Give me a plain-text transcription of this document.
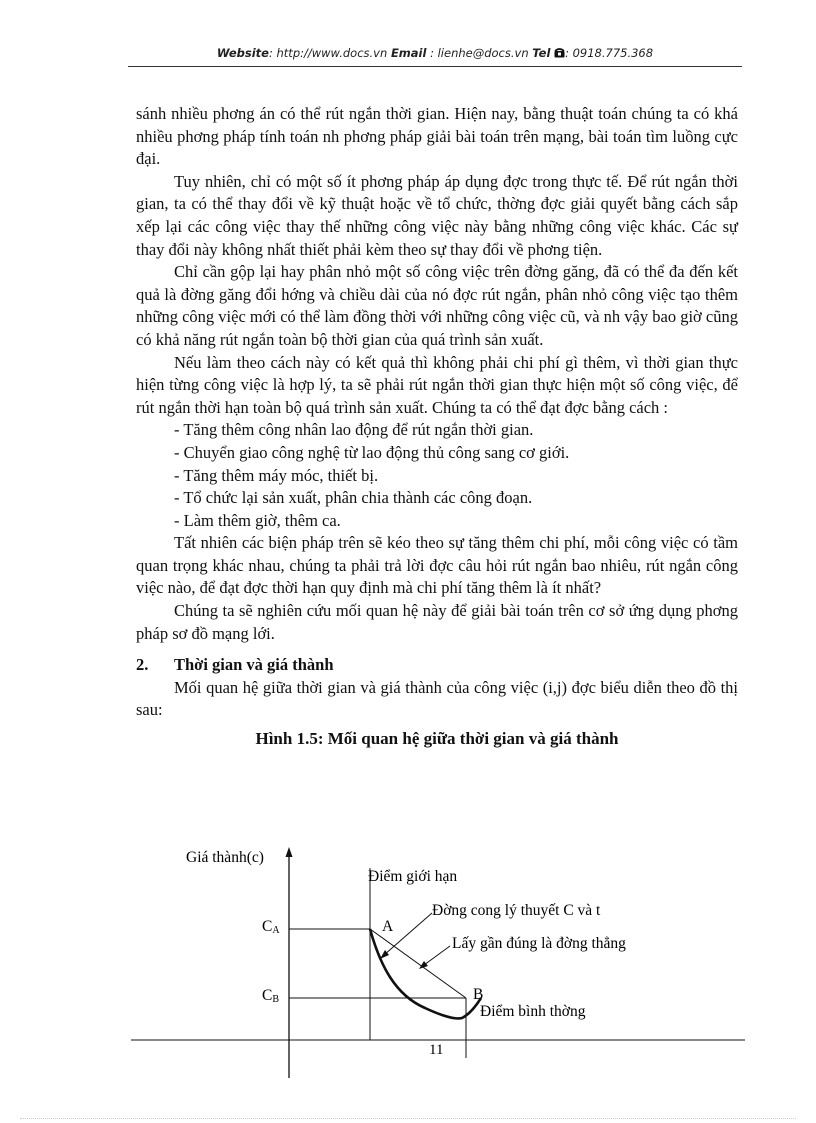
Website: http://www.docs.vn Email : lienhe@docs.vn Tel : 0918.775.368

sánh nhiều phơng án có thể rút ngắn thời gian. Hiện nay, bằng thuật toán chúng ta có khá nhiều phơng pháp tính toán nh phơng pháp giải bài toán trên mạng, bài toán tìm luồng cực đại.

Tuy nhiên, chỉ có một số ít phơng pháp áp dụng đợc trong thực tế. Để rút ngắn thời gian, ta có thể thay đổi về kỹ thuật hoặc về tổ chức, thờng đợc giải quyết bằng cách sắp xếp lại các công việc thay thế những công việc này bằng những công việc khác. Các sự thay đổi này không nhất thiết phải kèm theo sự thay đổi về phơng tiện.

Chỉ cần gộp lại hay phân nhỏ một số công việc trên đờng găng, đã có thể đa đến kết quả là đờng găng đổi hớng và chiều dài của nó đợc rút ngắn, phân nhỏ công việc tạo thêm những công việc mới có thể làm đồng thời với những công việc cũ, và nh vậy bao giờ cũng có khả năng rút ngắn toàn bộ thời gian của quá trình sản xuất.

Nếu làm theo cách này có kết quả thì không phải chi phí gì thêm, vì thời gian thực hiện từng công việc là hợp lý, ta sẽ phải rút ngắn thời gian thực hiện một số công việc, để rút ngắn thời hạn toàn bộ quá trình sản xuất. Chúng ta có thể đạt đợc bằng cách :

- Tăng thêm công nhân lao động để rút ngắn thời gian.

- Chuyển giao công nghệ từ lao động thủ công sang cơ giới.

- Tăng thêm máy móc, thiết bị.

- Tổ chức lại sản xuất, phân chia thành các công đoạn.

- Làm thêm giờ, thêm ca.

Tất nhiên các biện pháp trên sẽ kéo theo sự tăng thêm chi phí, mỗi công việc có tầm quan trọng khác nhau, chúng ta phải trả lời đợc câu hỏi rút ngắn bao nhiêu, rút ngắn công việc nào, để đạt đợc thời hạn quy định mà chi phí tăng thêm là ít nhất?

Chúng ta sẽ nghiên cứu mối quan hệ này để giải bài toán trên cơ sở ứng dụng phơng pháp sơ đồ mạng lới.

2. Thời gian và giá thành

Mối quan hệ giữa thời gian và giá thành của công việc (i,j) đợc biểu diễn theo đồ thị sau:

Hình 1.5: Mối quan hệ giữa thời gian và giá thành

Giá thành(c)
Điểm giới hạn
Đờng cong lý thuyết C và t
Lấy gần đúng là đờng thẳng
Điểm bình thờng
A
B
CA
CB
11
